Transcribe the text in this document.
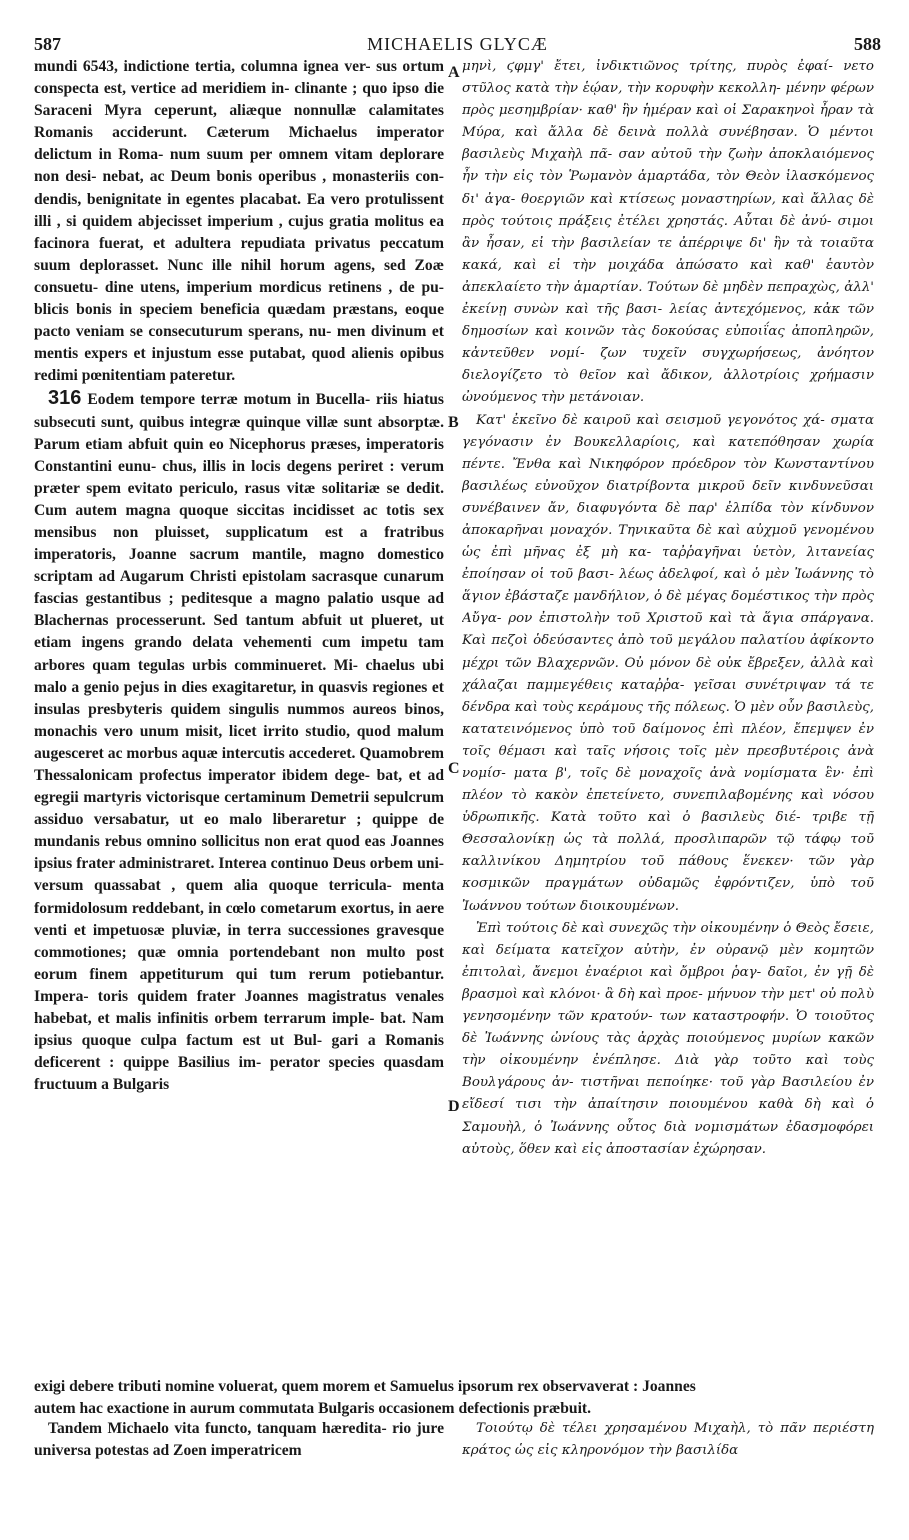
587	MICHAELIS GLYCÆ	588

mundi 6543, indictione tertia, columna ignea ver- sus ortum conspecta est, vertice ad meridiem in- clinante ; quo ipso die Saraceni Myra ceperunt, aliæque nonnullæ calamitates Romanis acciderunt. Cæterum Michaelus imperator delictum in Roma- num suum per omnem vitam deplorare non desi- nebat, ac Deum bonis operibus , monasteriis con- dendis, benignitate in egentes placabat. Ea vero protulissent illi , si quidem abjecisset imperium , cujus gratia molitus ea facinora fuerat, et adultera repudiata privatus peccatum suum deplorasset. Nunc ille nihil horum agens, sed Zoæ consuetu- dine utens, imperium mordicus retinens , de pu- blicis bonis in speciem beneficia quædam præstans, eoque pacto veniam se consecuturum sperans, nu- men divinum et mentis expers et injustum esse putabat, quod alienis opibus redimi pœnitentiam pateretur.

316 Eodem tempore terræ motum in Bucella- riis hiatus subsecuti sunt, quibus integræ quinque villæ sunt absorptæ. Parum etiam abfuit quin eo Nicephorus præses, imperatoris Constantini eunu- chus, illis in locis degens periret : verum præter spem evitato periculo, rasus vitæ solitariæ se dedit. Cum autem magna quoque siccitas incidisset ac totis sex mensibus non pluisset, supplicatum est a fratribus imperatoris, Joanne sacrum mantile, magno domestico scriptam ad Augarum Christi epistolam sacrasque cunarum fascias gestantibus ; peditesque a magno palatio usque ad Blachernas processerunt. Sed tantum abfuit ut plueret, ut etiam ingens grando delata vehementi cum impetu tam arbores quam tegulas urbis comminueret. Mi- chaelus ubi malo a genio pejus in dies exagitaretur, in quasvis regiones et insulas presbyteris quidem singulis nummos aureos binos, monachis vero unum misit, licet irrito studio, quod malum augesceret ac morbus aquæ intercutis accederet. Quamobrem Thessalonicam profectus imperator ibidem dege- bat, et ad egregii martyris victorisque certaminum Demetrii sepulcrum assiduo versabatur, ut eo malo liberaretur ; quippe de mundanis rebus omnino sollicitus non erat quod eas Joannes ipsius frater administraret. Interea continuo Deus orbem uni- versum quassabat , quem alia quoque terricula- menta formidolosum reddebant, in cœlo cometarum exortus, in aere venti et impetuosæ pluviæ, in terra successiones gravesque commotiones; quæ omnia portendebant non multo post eorum finem appetiturum qui tum rerum potiebantur. Impera- toris quidem frater Joannes magistratus venales habebat, et malis infinitis orbem terrarum imple- bat. Nam ipsius quoque culpa factum est ut Bul- gari a Romanis deficerent : quippe Basilius im- perator species quasdam fructuum a Bulgaris

μηνὶ, ϛφμγ' ἔτει, ἰνδικτιῶνος τρίτης, πυρὸς ἐφαί- νετο στῦλος κατὰ τὴν ἑῴαν, τὴν κορυφὴν κεκολλη- μένην φέρων πρὸς μεσημβρίαν· καθ' ἣν ἡμέραν καὶ οἱ Σαρακηνοὶ ἦραν τὰ Μύρα, καὶ ἄλλα δὲ δεινὰ πολλὰ συνέβησαν. Ὁ μέντοι βασιλεὺς Μιχαὴλ πᾶ- σαν αὐτοῦ τὴν ζωὴν ἀποκλαιόμενος ἦν τὴν εἰς τὸν Ῥωμανὸν ἁμαρτάδα, τὸν Θεὸν ἱλασκόμενος δι' ἀγα- θοεργιῶν καὶ κτίσεως μοναστηρίων, καὶ ἄλλας δὲ πρὸς τούτοις πράξεις ἐτέλει χρηστάς. Αὗται δὲ ἀνύ- σιμοι ἂν ἦσαν, εἰ τὴν βασιλείαν τε ἀπέρριψε δι' ἣν τὰ τοιαῦτα κακά, καὶ εἰ τὴν μοιχάδα ἀπώσατο καὶ καθ' ἑαυτὸν ἀπεκλαίετο τὴν ἁμαρτίαν. Τούτων δὲ μηδὲν πεπραχὼς, ἀλλ' ἐκείνῃ συνὼν καὶ τῆς βασι- λείας ἀντεχόμενος, κἀκ τῶν δημοσίων καὶ κοινῶν τὰς δοκούσας εὐποιΐας ἀποπληρῶν, κἀντεῦθεν νομί- ζων τυχεῖν συγχωρήσεως, ἀνόητον διελογίζετο τὸ θεῖον καὶ ἄδικον, ἀλλοτρίοις χρήμασιν ὠνούμενος τὴν μετάνοιαν.

Κατ' ἐκεῖνο δὲ καιροῦ καὶ σεισμοῦ γεγονότος χά- σματα γεγόνασιν ἐν Βουκελλαρίοις, καὶ κατεπόθησαν χωρία πέντε. Ἔνθα καὶ Νικηφόρον πρόεδρον τὸν Κωνσταντίνου βασιλέως εὐνοῦχον διατρίβοντα μικροῦ δεῖν κινδυνεῦσαι συνέβαινεν ἄν, διαφυγόντα δὲ παρ' ἐλπίδα τὸν κίνδυνον ἀποκαρῆναι μοναχόν. Τηνικαῦτα δὲ καὶ αὐχμοῦ γενομένου ὡς ἐπὶ μῆνας ἐξ μὴ κα- ταῤῥαγῆναι ὑετὸν, λιτανείας ἐποίησαν οἱ τοῦ βασι- λέως ἀδελφοί, καὶ ὁ μὲν Ἰωάννης τὸ ἅγιον ἐβάσταζε μανδήλιον, ὁ δὲ μέγας δομέστικος τὴν πρὸς Αὔγα- ρον ἐπιστολὴν τοῦ Χριστοῦ καὶ τὰ ἅγια σπάργανα. Καὶ πεζοὶ ὁδεύσαντες ἀπὸ τοῦ μεγάλου παλατίου ἀφίκοντο μέχρι τῶν Βλαχερνῶν. Οὐ μόνον δὲ οὐκ ἔβρεξεν, ἀλλὰ καὶ χάλαζαι παμμεγέθεις καταῤῥα- γεῖσαι συνέτριψαν τά τε δένδρα καὶ τοὺς κεράμους τῆς πόλεως. Ὁ μὲν οὖν βασιλεὺς, κατατεινόμενος ὑπὸ τοῦ δαίμονος ἐπὶ πλέον, ἔπεμψεν ἐν τοῖς θέμασι καὶ ταῖς νήσοις τοῖς μὲν πρεσβυτέροις ἀνὰ νομίσ- ματα β', τοῖς δὲ μοναχοῖς ἀνὰ νομίσματα ἓν· ἐπὶ πλέον τὸ κακὸν ἐπετείνετο, συνεπιλαβομένης καὶ νόσου ὑδρωπικῆς. Κατὰ τοῦτο καὶ ὁ βασιλεὺς διέ- τριβε τῇ Θεσσαλονίκῃ ὡς τὰ πολλά, προσλιπαρῶν τῷ τάφῳ τοῦ καλλινίκου Δημητρίου τοῦ πάθους ἕνεκεν· τῶν γὰρ κοσμικῶν πραγμάτων οὐδαμῶς ἐφρόντιζεν, ὑπὸ τοῦ Ἰωάννου τούτων διοικουμένων.

Ἐπὶ τούτοις δὲ καὶ συνεχῶς τὴν οἰκουμένην ὁ Θεὸς ἔσειε, καὶ δείματα κατεῖχον αὐτὴν, ἐν οὐρανῷ μὲν κομητῶν ἐπιτολαὶ, ἄνεμοι ἐναέριοι καὶ ὄμβροι ῥαγ- δαῖοι, ἐν γῇ δὲ βρασμοὶ καὶ κλόνοι· ἃ δὴ καὶ προε- μήνυον τὴν μετ' οὐ πολὺ γενησομένην τῶν κρατούν- των καταστροφήν. Ὁ τοιοῦτος δὲ Ἰωάννης ὠνίους τὰς ἀρχὰς ποιούμενος μυρίων κακῶν τὴν οἰκουμένην ἐνέπλησε. Διὰ γὰρ τοῦτο καὶ τοὺς Βουλγάρους ἀν- τιστῆναι πεποίηκε· τοῦ γὰρ Βασιλείου ἐν εἴδεσί τισι τὴν ἀπαίτησιν ποιουμένου καθὰ δὴ καὶ ὁ Σαμουὴλ, ὁ Ἰωάννης οὗτος διὰ νομισμάτων ἐδασμοφόρει αὐτοὺς, ὅθεν καὶ εἰς ἀποστασίαν ἐχώρησαν.

exigi debere tributi nomine voluerat, quem morem et Samuelus ipsorum rex observaverat : Joannes

autem hac exactione in aurum commutata Bulgaris occasionem defectionis præbuit.

Tandem Michaelo vita functo, tanquam hæredita- rio jure universa potestas ad Zoen imperatricem

Τοιούτῳ δὲ τέλει χρησαμένου Μιχαὴλ, τὸ πᾶν περιέστη κράτος ὡς εἰς κληρονόμον τὴν βασιλίδα

A
B
C
D
